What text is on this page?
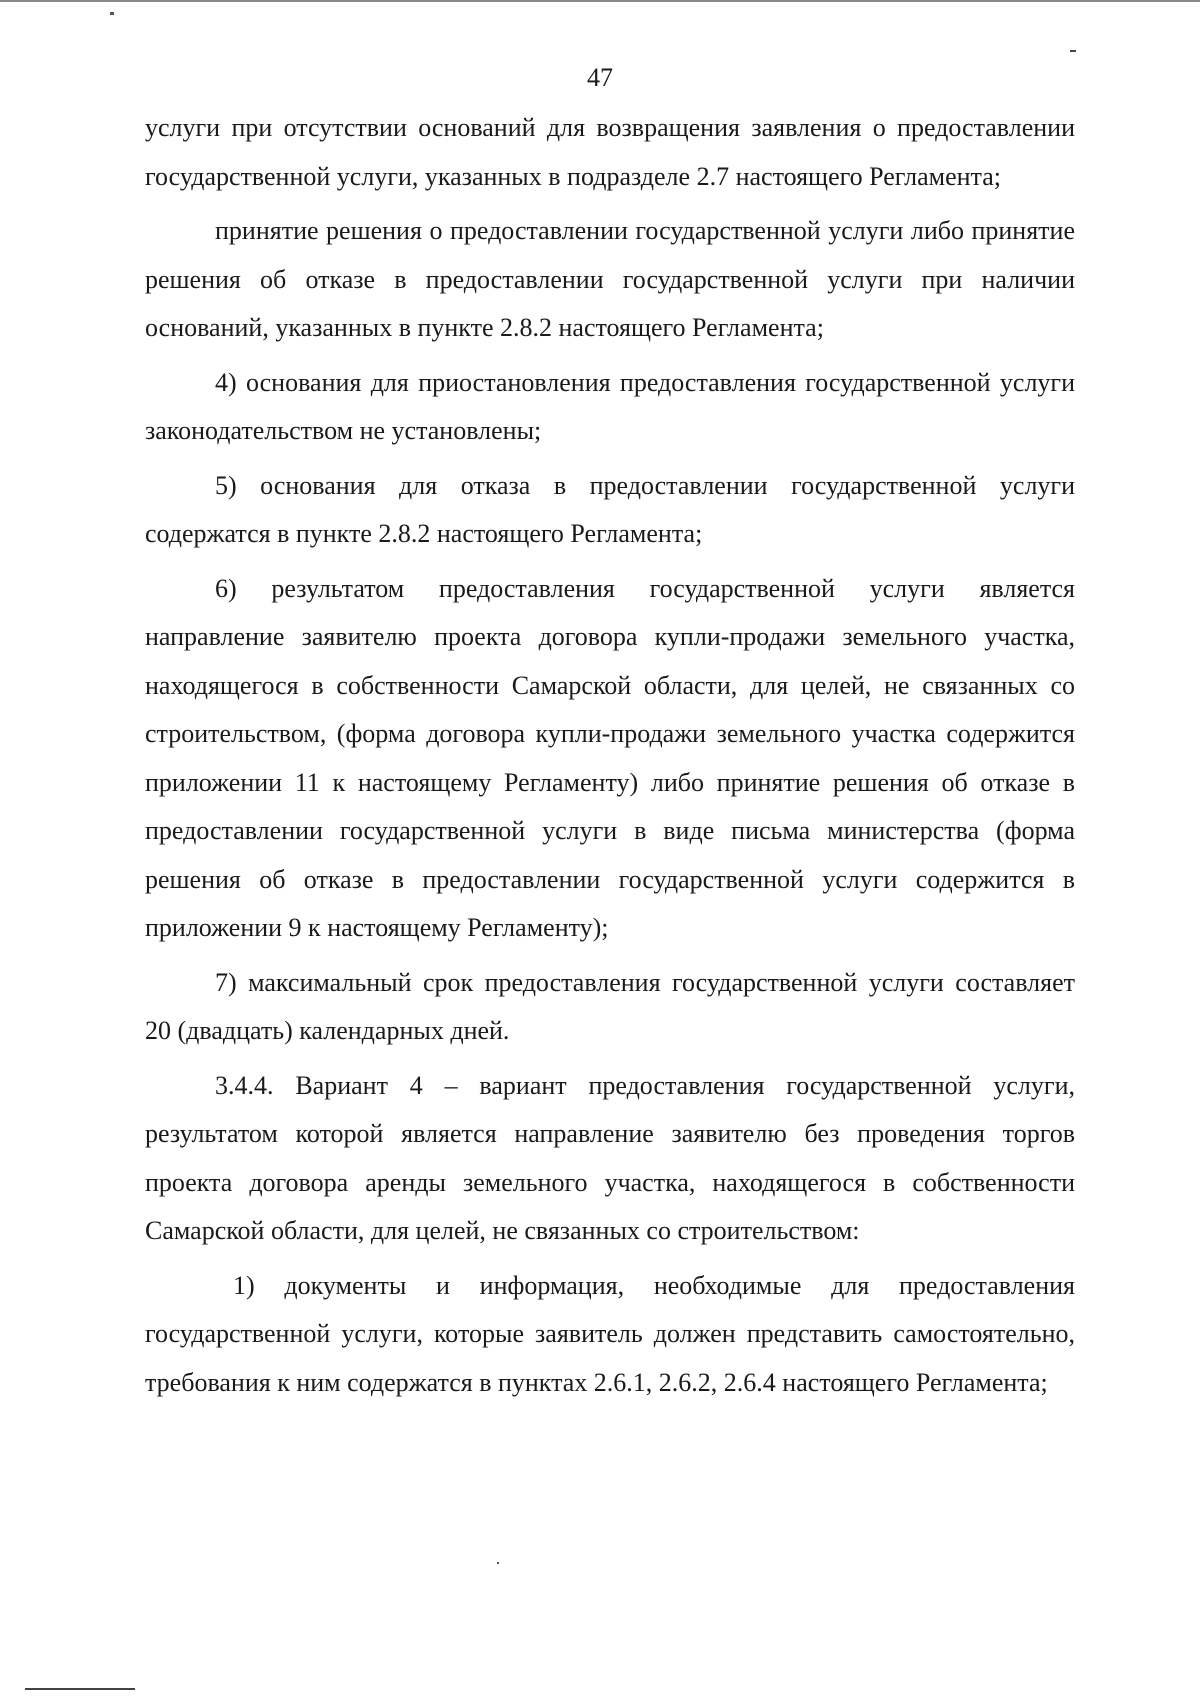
47

услуги при отсутствии оснований для возвращения заявления о предоставлении государственной услуги, указанных в подразделе 2.7 настоящего Регламента;

принятие решения о предоставлении государственной услуги либо принятие решения об отказе в предоставлении государственной услуги при наличии оснований, указанных в пункте 2.8.2 настоящего Регламента;

4) основания для приостановления предоставления государственной услуги законодательством не установлены;

5) основания для отказа в предоставлении государственной услуги содержатся в пункте 2.8.2 настоящего Регламента;

6) результатом предоставления государственной услуги является направление заявителю проекта договора купли-продажи земельного участка, находящегося в собственности Самарской области, для целей, не связанных со строительством, (форма договора купли-продажи земельного участка содержится приложении 11 к настоящему Регламенту) либо принятие решения об отказе в предоставлении государственной услуги в виде письма министерства (форма решения об отказе в предоставлении государственной услуги содержится в приложении 9 к настоящему Регламенту);

7) максимальный срок предоставления государственной услуги составляет 20 (двадцать) календарных дней.

3.4.4. Вариант 4 – вариант предоставления государственной услуги, результатом которой является направление заявителю без проведения торгов проекта договора аренды земельного участка, находящегося в собственности Самарской области, для целей, не связанных со строительством:

1) документы и информация, необходимые для предоставления государственной услуги, которые заявитель должен представить самостоятельно, требования к ним содержатся в пунктах 2.6.1, 2.6.2, 2.6.4 настоящего Регламента;
